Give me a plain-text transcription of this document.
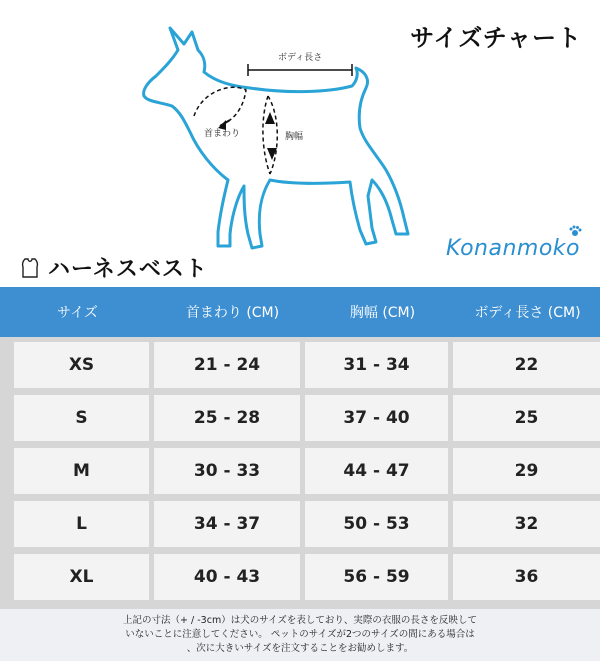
サイズチャート
ボディ長さ
首まわり	胸幅
Konanmoko
ハーネスベスト
サイズ	首まわり (CM)	胸幅 (CM)	ボディ長さ (CM)
XS	21 - 24	31 - 34	22
S	25 - 28	37 - 40	25
M	30 - 33	44 - 47	29
L	34 - 37	50 - 53	32
XL	40 - 43	56 - 59	36
上記の寸法（+ / -3cm）は犬のサイズを表しており、実際の衣服の長さを反映して
いないことに注意してください。 ペットのサイズが2つのサイズの間にある場合は
、次に大きいサイズを注文することをお勧めします。
